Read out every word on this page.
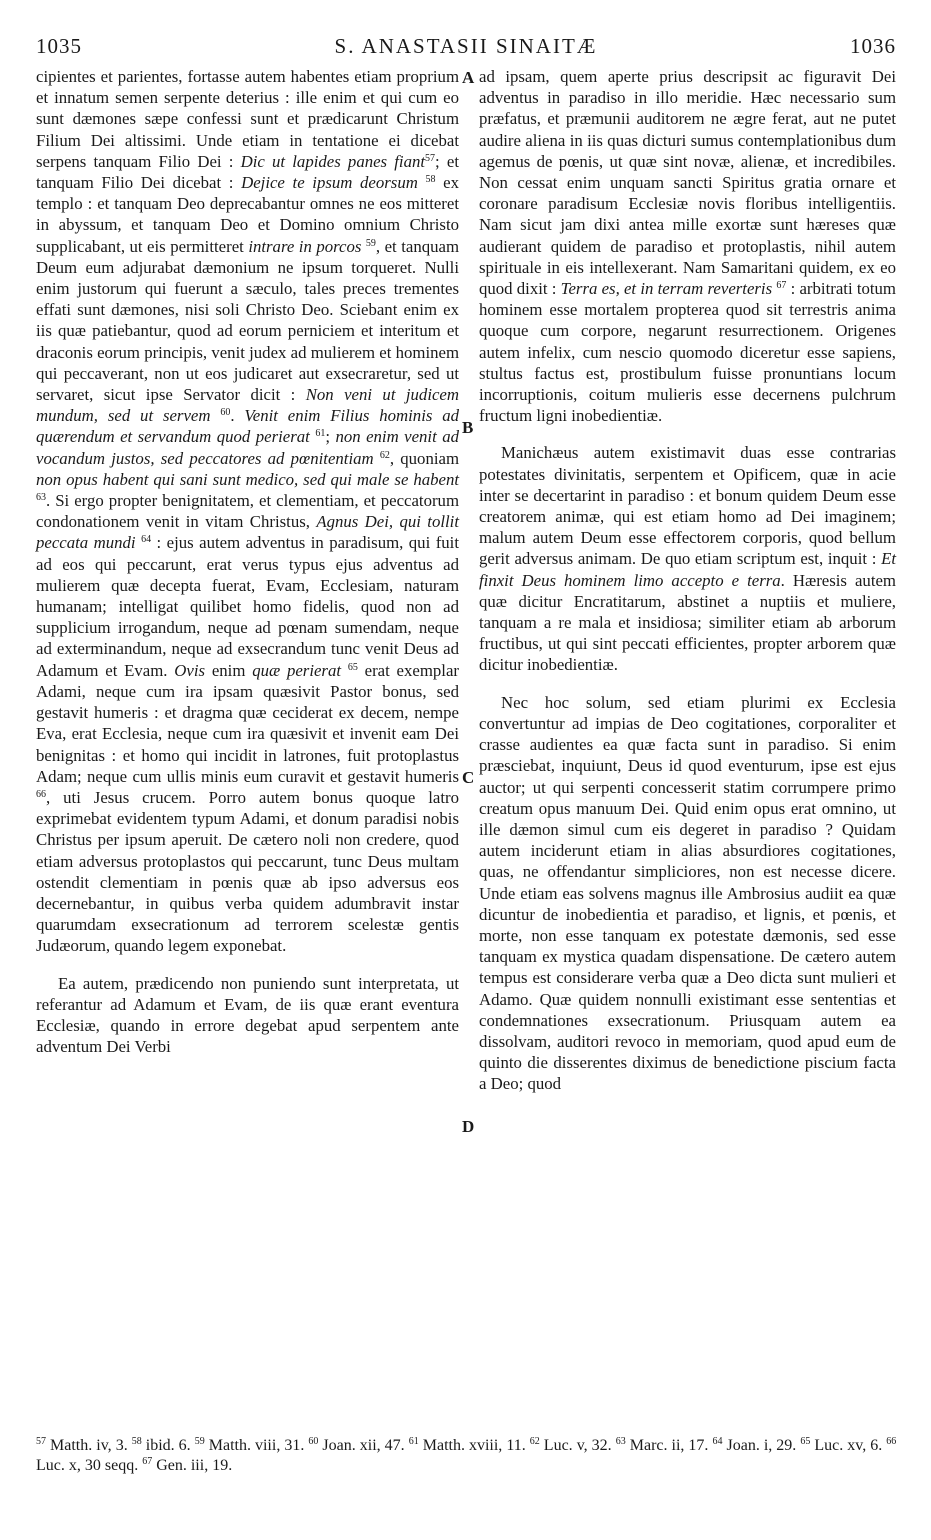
1035	S. ANASTASII SINAITÆ	1036
A
B
C
D

cipientes et parientes, fortasse autem habentes etiam proprium et innatum semen serpente deterius : ille enim et qui cum eo sunt dæmones sæpe confessi sunt et prædicarunt Christum Filium Dei altissimi. Unde etiam in tentatione ei dicebat serpens tanquam Filio Dei : Dic ut lapides panes fiant$^{57}$; et tanquam Filio Dei dicebat : Dejice te ipsum deorsum $^{58}$ ex templo : et tanquam Deo deprecabantur omnes ne eos mitteret in abyssum, et tanquam Deo et Domino omnium Christo supplicabant, ut eis permitteret intrare in porcos $^{59}$, et tanquam Deum eum adjurabat dæmonium ne ipsum torqueret. Nulli enim justorum qui fuerunt a sæculo, tales preces trementes effati sunt dæmones, nisi soli Christo Deo. Sciebant enim ex iis quæ patiebantur, quod ad eorum perniciem et interitum et draconis eorum principis, venit judex ad mulierem et hominem qui peccaverant, non ut eos judicaret aut exsecraretur, sed ut servaret, sicut ipse Servator dicit : Non veni ut judicem mundum, sed ut servem $^{60}$. Venit enim Filius hominis ad quærendum et servandum quod perierat $^{61}$; non enim venit ad vocandum justos, sed peccatores ad pœnitentiam $^{62}$, quoniam non opus habent qui sani sunt medico, sed qui male se habent $^{63}$. Si ergo propter benignitatem, et clementiam, et peccatorum condonationem venit in vitam Christus, Agnus Dei, qui tollit peccata mundi $^{64}$ : ejus autem adventus in paradisum, qui fuit ad eos qui peccarunt, erat verus typus ejus adventus ad mulierem quæ decepta fuerat, Evam, Ecclesiam, naturam humanam; intelligat quilibet homo fidelis, quod non ad supplicium irrogandum, neque ad pœnam sumendam, neque ad exterminandum, neque ad exsecrandum tunc venit Deus ad Adamum et Evam. Ovis enim quæ perierat $^{65}$ erat exemplar Adami, neque cum ira ipsam quæsivit Pastor bonus, sed gestavit humeris : et dragma quæ ceciderat ex decem, nempe Eva, erat Ecclesia, neque cum ira quæsivit et invenit eam Dei benignitas : et homo qui incidit in latrones, fuit protoplastus Adam; neque cum ullis minis eum curavit et gestavit humeris $^{66}$, uti Jesus crucem. Porro autem bonus quoque latro exprimebat evidentem typum Adami, et donum paradisi nobis Christus per ipsum aperuit. De cætero noli non credere, quod etiam adversus protoplastos qui peccarunt, tunc Deus multam ostendit clementiam in pœnis quæ ab ipso adversus eos decernebantur, in quibus verba quidem adumbravit instar quarumdam exsecrationum ad terrorem scelestæ gentis Judæorum, quando legem exponebat.

Ea autem, prædicendo non puniendo sunt interpretata, ut referantur ad Adamum et Evam, de iis quæ erant eventura Ecclesiæ, quando in errore degebat apud serpentem ante adventum Dei Verbi

ad ipsam, quem aperte prius descripsit ac figuravit Dei adventus in paradiso in illo meridie. Hæc necessario sum præfatus, et præmunii auditorem ne ægre ferat, aut ne putet audire aliena in iis quas dicturi sumus contemplationibus dum agemus de pœnis, ut quæ sint novæ, alienæ, et incredibiles. Non cessat enim unquam sancti Spiritus gratia ornare et coronare paradisum Ecclesiæ novis floribus intelligentiis. Nam sicut jam dixi antea mille exortæ sunt hæreses quæ audierant quidem de paradiso et protoplastis, nihil autem spirituale in eis intellexerant. Nam Samaritani quidem, ex eo quod dixit : Terra es, et in terram reverteris $^{67}$ : arbitrati totum hominem esse mortalem propterea quod sit terrestris anima quoque cum corpore, negarunt resurrectionem. Origenes autem infelix, cum nescio quomodo diceretur esse sapiens, stultus factus est, prostibulum fuisse pronuntians locum incorruptionis, coitum mulieris esse decernens pulchrum fructum ligni inobedientiæ.

Manichæus autem existimavit duas esse contrarias potestates divinitatis, serpentem et Opificem, quæ in acie inter se decertarint in paradiso : et bonum quidem Deum esse creatorem animæ, qui est etiam homo ad Dei imaginem; malum autem Deum esse effectorem corporis, quod bellum gerit adversus animam. De quo etiam scriptum est, inquit : Et finxit Deus hominem limo accepto e terra. Hæresis autem quæ dicitur Encratitarum, abstinet a nuptiis et muliere, tanquam a re mala et insidiosa; similiter etiam ab arborum fructibus, ut qui sint peccati efficientes, propter arborem quæ dicitur inobedientiæ.

Nec hoc solum, sed etiam plurimi ex Ecclesia convertuntur ad impias de Deo cogitationes, corporaliter et crasse audientes ea quæ facta sunt in paradiso. Si enim præsciebat, inquiunt, Deus id quod eventurum, ipse est ejus auctor; ut qui serpenti concesserit statim corrumpere primo creatum opus manuum Dei. Quid enim opus erat omnino, ut ille dæmon simul cum eis degeret in paradiso ? Quidam autem inciderunt etiam in alias absurdiores cogitationes, quas, ne offendantur simpliciores, non est necesse dicere. Unde etiam eas solvens magnus ille Ambrosius audiit ea quæ dicuntur de inobedientia et paradiso, et lignis, et pœnis, et morte, non esse tanquam ex potestate dæmonis, sed esse tanquam ex mystica quadam dispensatione. De cætero autem tempus est considerare verba quæ a Deo dicta sunt mulieri et Adamo. Quæ quidem nonnulli existimant esse sententias et condemnationes exsecrationum. Priusquam autem ea dissolvam, auditori revoco in memoriam, quod apud eum de quinto die disserentes diximus de benedictione piscium facta a Deo; quod

$^{57}$ Matth. iv, 3. $^{58}$ ibid. 6. $^{59}$ Matth. viii, 31. $^{60}$ Joan. xii, 47. $^{61}$ Matth. xviii, 11. $^{62}$ Luc. v, 32. $^{63}$ Marc. ii, 17. $^{64}$ Joan. i, 29. $^{65}$ Luc. xv, 6. $^{66}$ Luc. x, 30 seqq. $^{67}$ Gen. iii, 19.
